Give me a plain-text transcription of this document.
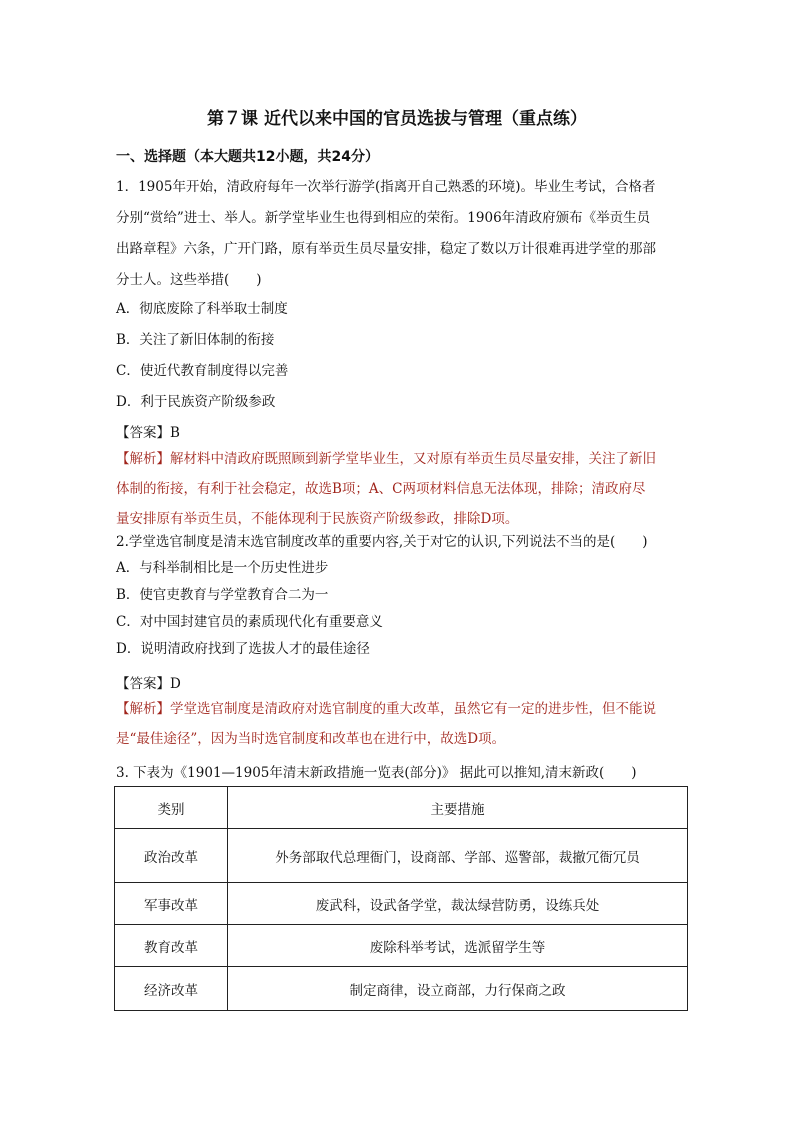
第７课 近代以来中国的官员选拔与管理（重点练）
一、选择题（本大题共12小题，共24分）
1．1905年开始，清政府每年一次举行游学(指离开自己熟悉的环境)。毕业生考试，合格者
分别“赏给”进士、举人。新学堂毕业生也得到相应的荣衔。1906年清政府颁布《举贡生员
出路章程》六条，广开门路，原有举贡生员尽量安排，稳定了数以万计很难再进学堂的那部
分士人。这些举措(　　)
A．彻底废除了科举取士制度
B．关注了新旧体制的衔接
C．使近代教育制度得以完善
D．利于民族资产阶级参政
【答案】B
【解析】解材料中清政府既照顾到新学堂毕业生，又对原有举贡生员尽量安排，关注了新旧
体制的衔接，有利于社会稳定，故选B项；A、C两项材料信息无法体现，排除；清政府尽
量安排原有举贡生员，不能体现利于民族资产阶级参政，排除D项。
2.学堂选官制度是清末选官制度改革的重要内容,关于对它的认识,下列说法不当的是(　　)
A．与科举制相比是一个历史性进步
B．使官吏教育与学堂教育合二为一
C．对中国封建官员的素质现代化有重要意义
D．说明清政府找到了选拔人才的最佳途径
【答案】D
【解析】学堂选官制度是清政府对选官制度的重大改革，虽然它有一定的进步性，但不能说
是“最佳途径”，因为当时选官制度和改革也在进行中，故选D项。
3. 下表为《1901—1905年清末新政措施一览表(部分)》 据此可以推知,清末新政(　　)
类别	主要措施
政治改革	外务部取代总理衙门，设商部、学部、巡警部，裁撤冗衙冗员
军事改革	废武科，设武备学堂，裁汰绿营防勇，设练兵处
教育改革	废除科举考试，选派留学生等
经济改革	制定商律，设立商部，力行保商之政
